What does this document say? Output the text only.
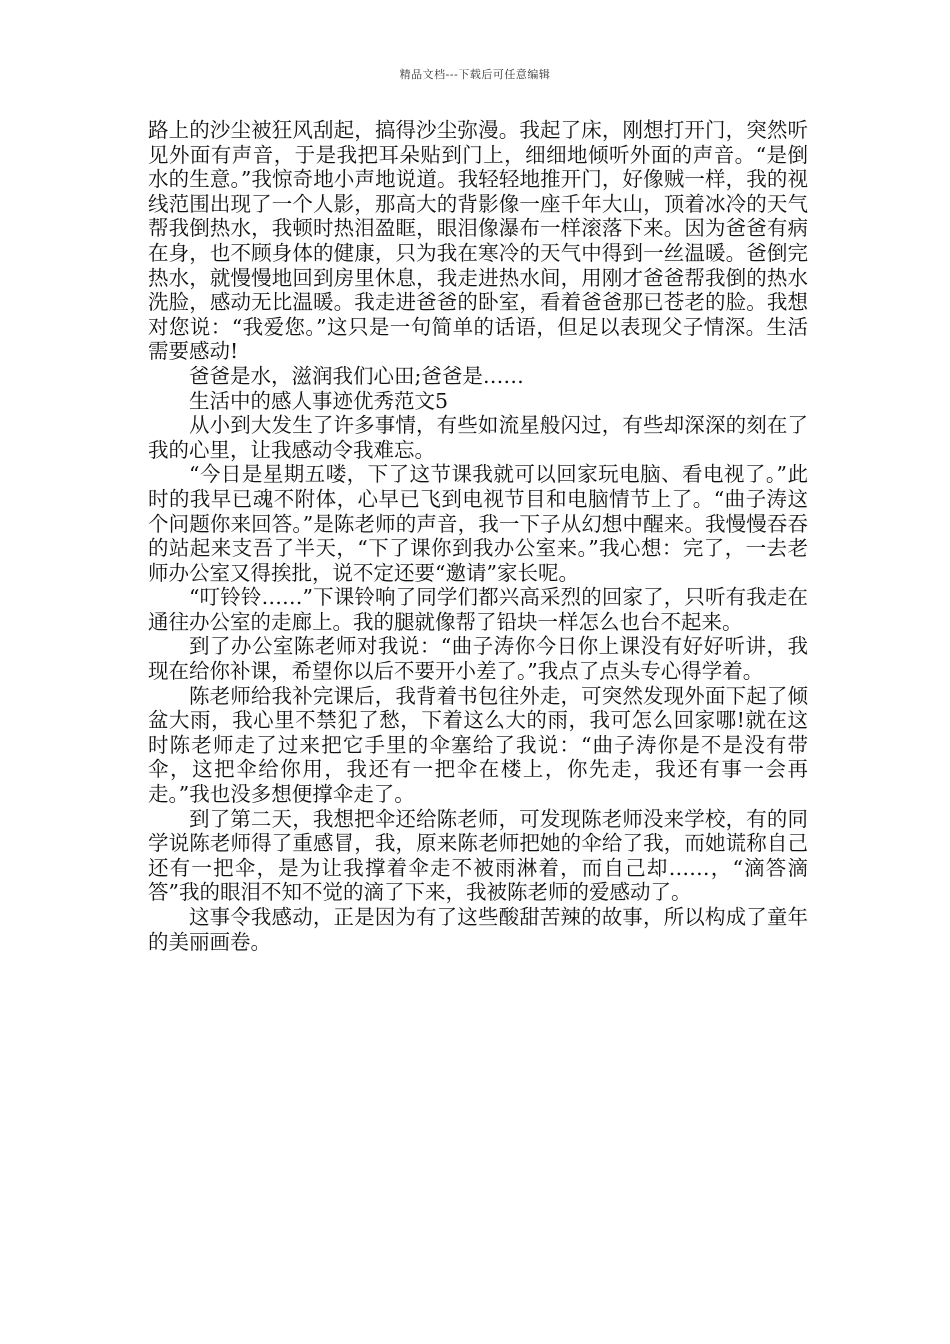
精品文档---下载后可任意编辑

路上的沙尘被狂风刮起，搞得沙尘弥漫。我起了床，刚想打开门，突然听见外面有声音，于是我把耳朵贴到门上，细细地倾听外面的声音。“是倒水的生意。”我惊奇地小声地说道。我轻轻地推开门，好像贼一样，我的视线范围出现了一个人影，那高大的背影像一座千年大山，顶着冰冷的天气帮我倒热水，我顿时热泪盈眶，眼泪像瀑布一样滚落下来。因为爸爸有病在身，也不顾身体的健康，只为我在寒冷的天气中得到一丝温暖。爸倒完热水，就慢慢地回到房里休息，我走进热水间，用刚才爸爸帮我倒的热水洗脸，感动无比温暖。我走进爸爸的卧室，看着爸爸那已苍老的脸。我想对您说：“我爱您。”这只是一句简单的话语，但足以表现父子情深。生活需要感动!

爸爸是水，滋润我们心田;爸爸是……

生活中的感人事迹优秀范文5

从小到大发生了许多事情，有些如流星般闪过，有些却深深的刻在了我的心里，让我感动令我难忘。

“今日是星期五喽，下了这节课我就可以回家玩电脑、看电视了。”此时的我早已魂不附体，心早已飞到电视节目和电脑情节上了。“曲子涛这个问题你来回答。”是陈老师的声音，我一下子从幻想中醒来。我慢慢吞吞的站起来支吾了半天，“下了课你到我办公室来。”我心想：完了，一去老师办公室又得挨批，说不定还要“邀请”家长呢。

“叮铃铃……”下课铃响了同学们都兴高采烈的回家了，只听有我走在通往办公室的走廊上。我的腿就像帮了铅块一样怎么也台不起来。

到了办公室陈老师对我说：“曲子涛你今日你上课没有好好听讲，我现在给你补课，希望你以后不要开小差了。”我点了点头专心得学着。

陈老师给我补完课后，我背着书包往外走，可突然发现外面下起了倾盆大雨，我心里不禁犯了愁，下着这么大的雨，我可怎么回家哪!就在这时陈老师走了过来把它手里的伞塞给了我说：“曲子涛你是不是没有带伞，这把伞给你用，我还有一把伞在楼上，你先走，我还有事一会再走。”我也没多想便撑伞走了。

到了第二天，我想把伞还给陈老师，可发现陈老师没来学校，有的同学说陈老师得了重感冒，我，原来陈老师把她的伞给了我，而她谎称自己还有一把伞，是为让我撑着伞走不被雨淋着，而自己却……，“滴答滴答”我的眼泪不知不觉的滴了下来，我被陈老师的爱感动了。

这事令我感动，正是因为有了这些酸甜苦辣的故事，所以构成了童年的美丽画卷。
